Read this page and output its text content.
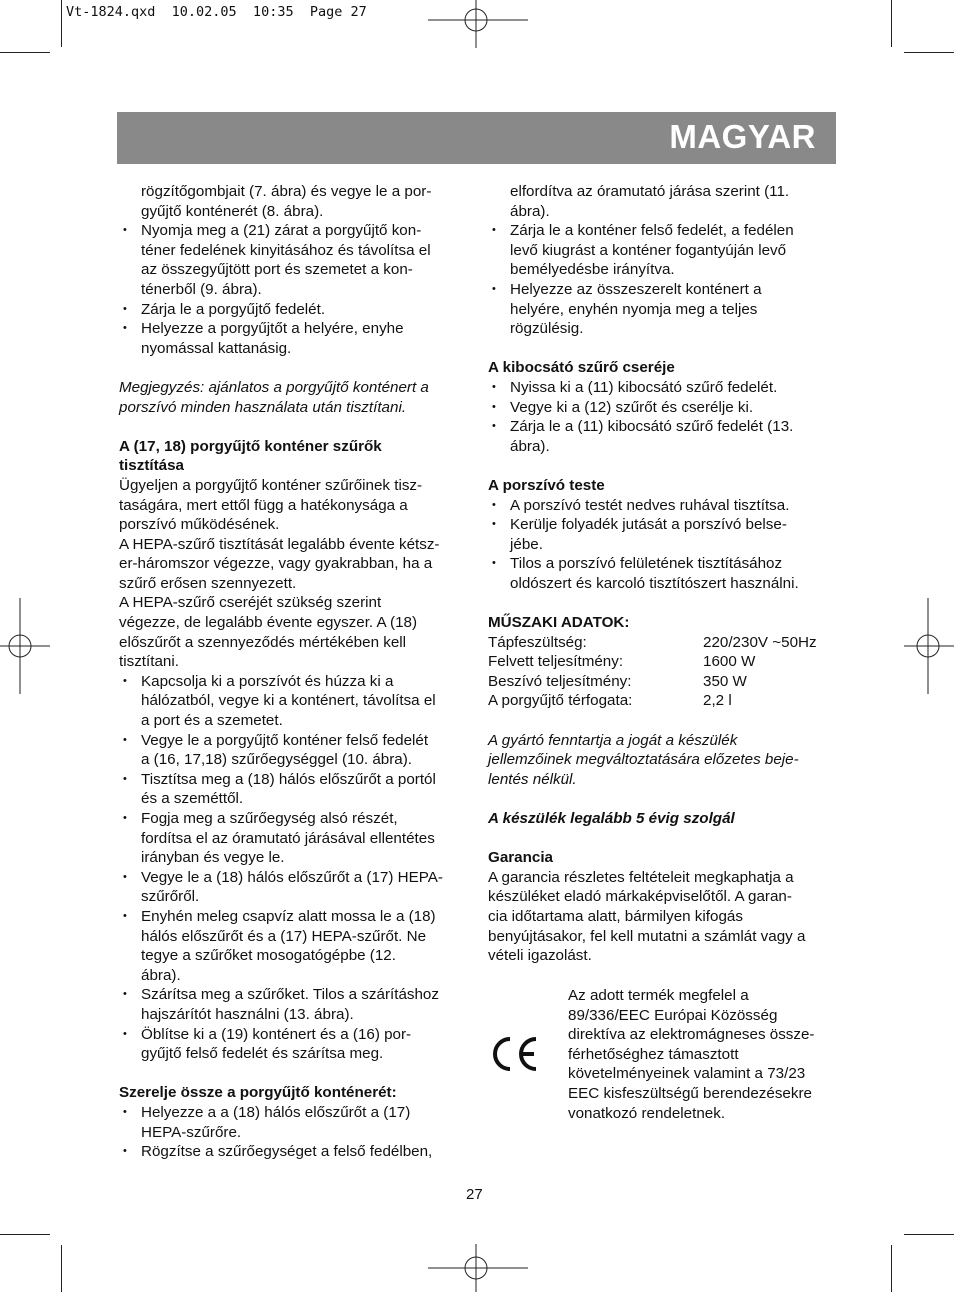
Vt-1824.qxd  10.02.05  10:35  Page 27
MAGYAR

rögzítőgombjait (7. ábra) és vegye le a por-
gyűjtő konténerét (8. ábra).

• Nyomja meg a (21) zárat a porgyűjtő kon-
téner fedelének kinyitásához és távolítsa el
az összegyűjtött port és szemetet a kon-
ténerből (9. ábra).

• Zárja le a porgyűjtő fedelét.

• Helyezze a porgyűjtőt a helyére, enyhe
nyomással kattanásig.

Megjegyzés: ajánlatos a porgyűjtő konténert a
porszívó minden használata után tisztítani.

A (17, 18) porgyűjtő konténer szűrők
tisztítása

Ügyeljen a porgyűjtő konténer szűrőinek tisz-
taságára, mert ettől függ a hatékonysága a
porszívó működésének.

A HEPA-szűrő tisztítását legalább évente kétsz-
er-háromszor végezze, vagy gyakrabban, ha a
szűrő erősen szennyezett.

A HEPA-szűrő cseréjét szükség szerint
végezze, de legalább évente egyszer. A (18)
előszűrőt a szennyeződés mértékében kell
tisztítani.

• Kapcsolja ki a porszívót és húzza ki a
hálózatból, vegye ki a konténert, távolítsa el
a port és a szemetet.

• Vegye le a porgyűjtő konténer felső fedelét
a (16, 17,18) szűrőegységgel (10. ábra).

• Tisztítsa meg a (18) hálós előszűrőt a portól
és a szeméttől.

• Fogja meg a szűrőegység alsó részét,
fordítsa el az óramutató járásával ellentétes
irányban és vegye le.

• Vegye le a (18) hálós előszűrőt a (17) HEPA-
szűrőről.

• Enyhén meleg csapvíz alatt mossa le a (18)
hálós előszűrőt és a (17) HEPA-szűrőt. Ne
tegye a szűrőket mosogatógépbe (12.
ábra).

• Szárítsa meg a szűrőket. Tilos a szárításhoz
hajszárítót használni (13. ábra).

• Öblítse ki a (19) konténert és a (16) por-
gyűjtő felső fedelét és szárítsa meg.

Szerelje össze a porgyűjtő konténerét:

• Helyezze a a (18) hálós előszűrőt a (17)
HEPA-szűrőre.

• Rögzítse a szűrőegységet a felső fedélben,

elfordítva az óramutató járása szerint (11.
ábra).

• Zárja le a konténer felső fedelét, a fedélen
levő kiugrást a konténer fogantyúján levő
bemélyedésbe irányítva.

• Helyezze az összeszerelt konténert a
helyére, enyhén nyomja meg a teljes
rögzülésig.

A kibocsátó szűrő cseréje

• Nyissa ki a (11) kibocsátó szűrő fedelét.

• Vegye ki a (12) szűrőt és cserélje ki.

• Zárja le a (11) kibocsátó szűrő fedelét (13.
ábra).

A porszívó teste

• A porszívó testét nedves ruhával tisztítsa.

• Kerülje folyadék jutását a porszívó belse-
jébe.

• Tilos a porszívó felületének tisztításához
oldószert és karcoló tisztítószert használni.

MŰSZAKI ADATOK:

Tápfeszültség:	220/230V ~50Hz
Felvett teljesítmény:	1600 W
Beszívó teljesítmény:	350 W
A porgyűjtő térfogata:	2,2 l

A gyártó fenntartja a jogát a készülék
jellemzőinek megváltoztatására előzetes beje-
lentés nélkül.

A készülék legalább 5 évig szolgál

Garancia

A garancia részletes feltételeit megkaphatja a
készüléket eladó márkaképviselőtől. A garan-
cia időtartama alatt, bármilyen kifogás
benyújtásakor, fel kell mutatni a számlát vagy a
vételi igazolást.

Az adott termék megfelel a
89/336/EEC Európai Közösség
direktíva az elektromágneses össze-
férhetőséghez támasztott
követelményeinek valamint a 73/23
EEC kisfeszültségű berendezésekre
vonatkozó rendeletnek.
27
